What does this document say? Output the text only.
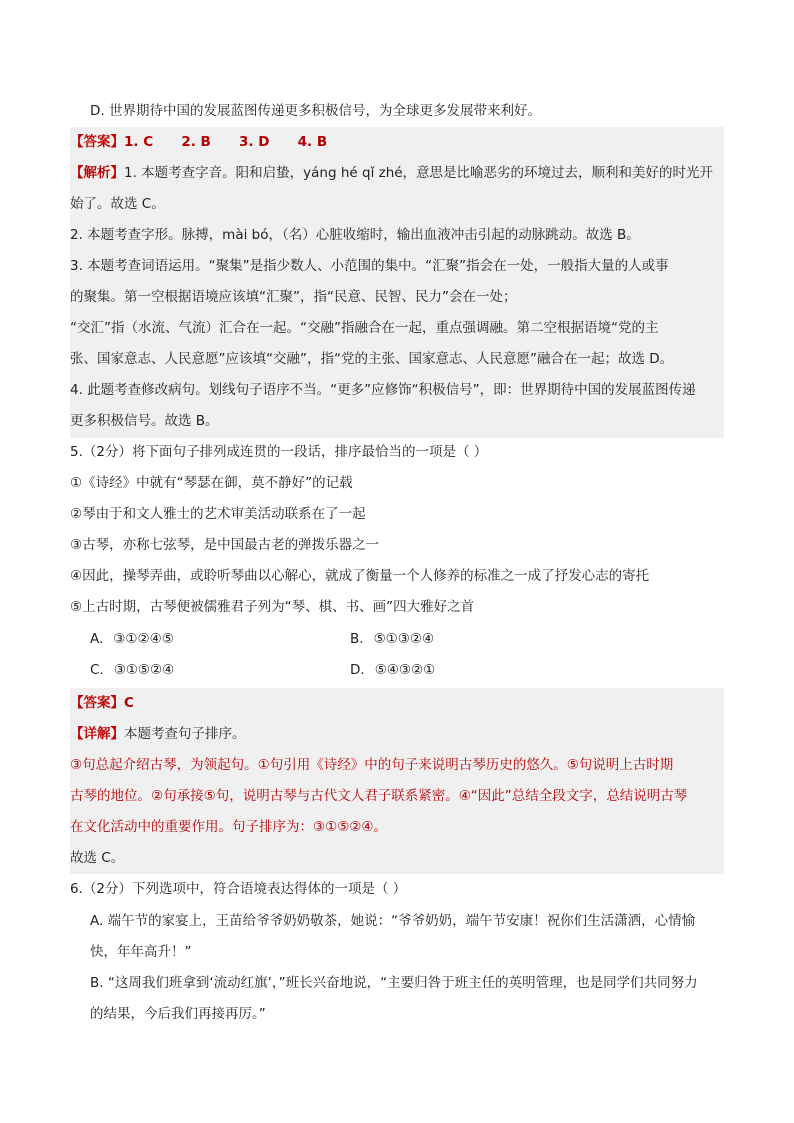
D. 世界期待中国的发展蓝图传递更多积极信号，为全球更多发展带来利好。
【答案】1. C      2. B      3. D      4. B
【解析】1. 本题考查字音。阳和启蛰，yáng hé qǐ zhé，意思是比喻恶劣的环境过去，顺利和美好的时光开
始了。故选 C。
2. 本题考查字形。脉搏，mài bó，（名）心脏收缩时，输出血液冲击引起的动脉跳动。故选 B。
3. 本题考查词语运用。“聚集”是指少数人、小范围的集中。“汇聚”指会在一处，一般指大量的人或事
的聚集。第一空根据语境应该填“汇聚”，指“民意、民智、民力”会在一处；
“交汇”指（水流、气流）汇合在一起。“交融”指融合在一起，重点强调融。第二空根据语境“党的主
张、国家意志、人民意愿”应该填“交融”，指“党的主张、国家意志、人民意愿”融合在一起；故选 D。
4. 此题考查修改病句。划线句子语序不当。“更多”应修饰“积极信号”，即：世界期待中国的发展蓝图传递
更多积极信号。故选 B。
5.（2分）将下面句子排列成连贯的一段话，排序最恰当的一项是（ ）
①《诗经》中就有“琴瑟在御，莫不静好”的记载
②琴由于和文人雅士的艺术审美活动联系在了一起
③古琴，亦称七弦琴，是中国最古老的弹拨乐器之一
④因此，操琴弄曲，或聆听琴曲以心解心，就成了衡量一个人修养的标准之一成了抒发心志的寄托
⑤上古时期，古琴便被儒雅君子列为“琴、棋、书、画”四大雅好之首
A. ③①②④⑤	B. ⑤①③②④
C. ③①⑤②④	D. ⑤④③②①
【答案】C
【详解】本题考查句子排序。
③句总起介绍古琴，为领起句。①句引用《诗经》中的句子来说明古琴历史的悠久。⑤句说明上古时期
古琴的地位。②句承接⑤句，说明古琴与古代文人君子联系紧密。④“因此”总结全段文字，总结说明古琴
在文化活动中的重要作用。句子排序为：③①⑤②④。
故选 C。
6.（2分）下列选项中，符合语境表达得体的一项是（ ）
A. 端午节的家宴上，王苗给爷爷奶奶敬茶，她说：“爷爷奶奶，端午节安康！祝你们生活潇洒，心情愉
快，年年高升！”
B. “这周我们班拿到‘流动红旗’，”班长兴奋地说，“主要归咎于班主任的英明管理，也是同学们共同努力
的结果，今后我们再接再厉。”
